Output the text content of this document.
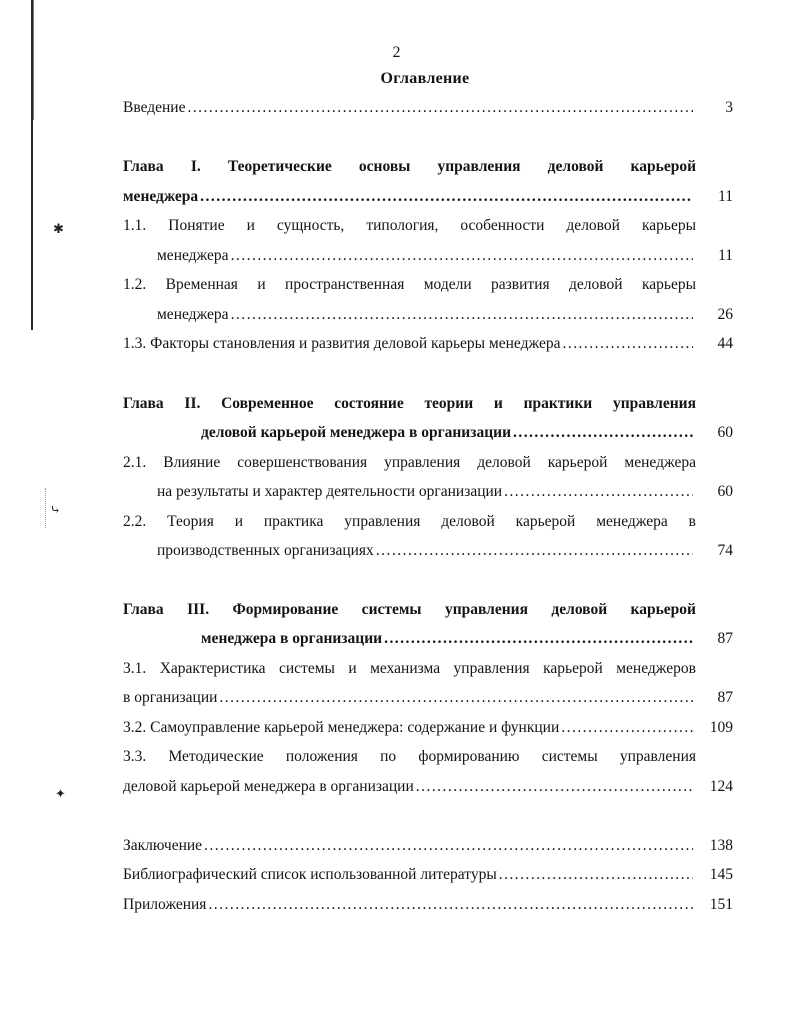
✱
⤷
✦
2
Оглавление
Введение . . .	3
Глава I. Теоретические основы управления деловой карьерой
менеджера . . .	11
1.1. Понятие и сущность, типология, особенности деловой карьеры
менеджера . . .	11
1.2. Временная и пространственная модели развития деловой карьеры
менеджера . . .	26
1.3. Факторы становления и развития деловой карьеры менеджера . . .	44
Глава II. Современное состояние теории и практики управления
деловой карьерой менеджера в организации . . .	60
2.1. Влияние совершенствования управления деловой карьерой менеджера
на результаты и характер деятельности организации . . .	60
2.2. Теория и практика управления деловой карьерой менеджера в
производственных организациях . . .	74
Глава III. Формирование системы управления деловой карьерой
менеджера в организации . . .	87
3.1. Характеристика системы и механизма управления карьерой менеджеров
в организации . . .	87
3.2. Самоуправление карьерой менеджера: содержание и функции . . .	109
3.3. Методические положения по формированию системы управления
деловой карьерой менеджера в организации . . .	124
Заключение . . .	138
Библиографический список использованной литературы . . .	145
Приложения . . .	151
